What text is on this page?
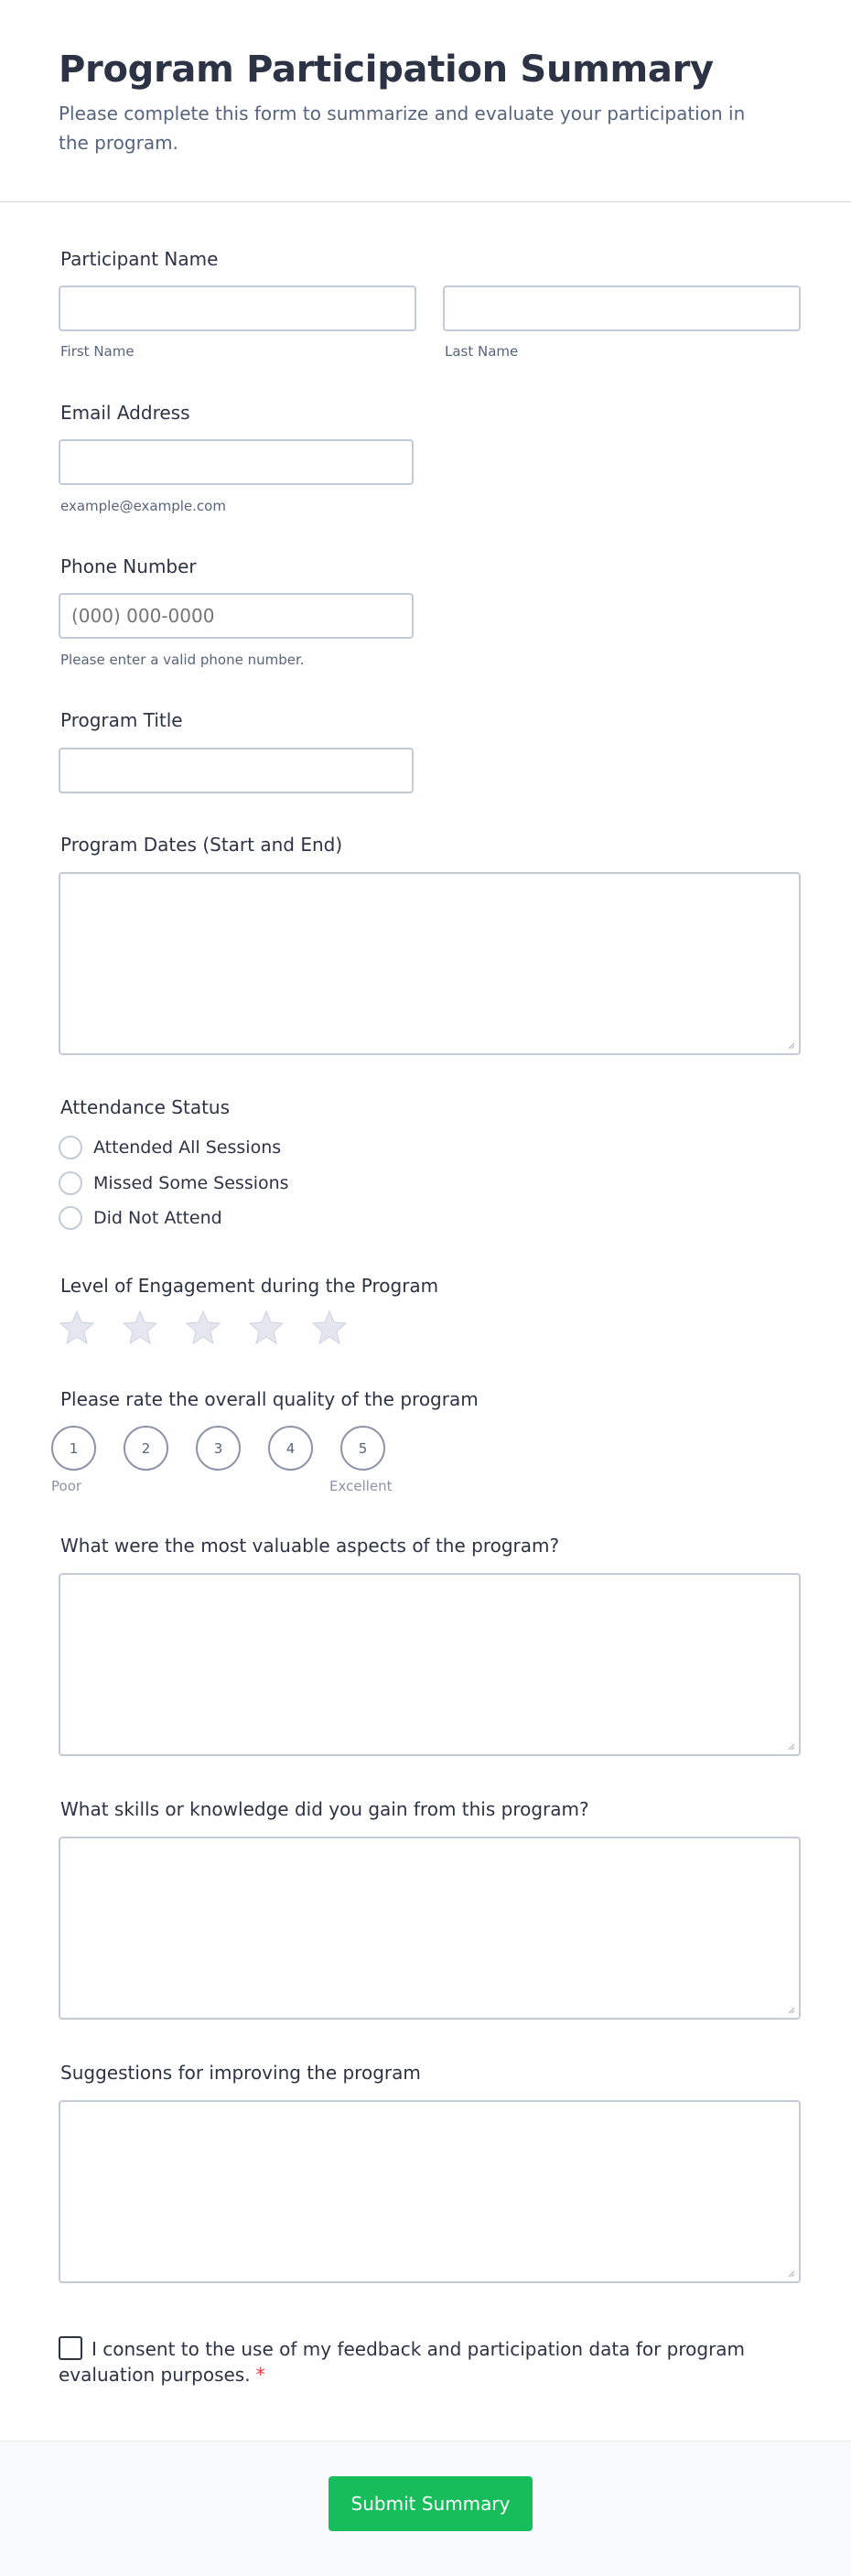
Program Participation Summary

Please complete this form to summarize and evaluate your participation in the program.

Participant Name
First Name	Last Name
Email Address
example@example.com
Phone Number
(000) 000-0000
Please enter a valid phone number.
Program Title
Program Dates (Start and End)
Attendance Status
Attended All Sessions
Missed Some Sessions
Did Not Attend
Level of Engagement during the Program
Please rate the overall quality of the program
1	2	3	4	5
Poor	Excellent
What were the most valuable aspects of the program?
What skills or knowledge did you gain from this program?
Suggestions for improving the program
I consent to the use of my feedback and participation data for program evaluation purposes. *
Submit Summary
